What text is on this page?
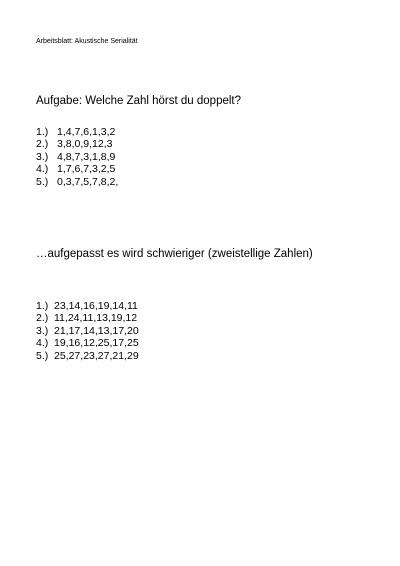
Arbeitsblatt: Akustische Serialität
Aufgabe: Welche Zahl hörst du doppelt?
1.) 1,4,7,6,1,3,2
2.) 3,8,0,9,12,3
3.) 4,8,7,3,1,8,9
4.) 1,7,6,7,3,2,5
5.) 0,3,7,5,7,8,2,
…aufgepasst es wird schwieriger (zweistellige Zahlen)
1.) 23,14,16,19,14,11
2.) 11,24,11,13,19,12
3.) 21,17,14,13,17,20
4.) 19,16,12,25,17,25
5.) 25,27,23,27,21,29
